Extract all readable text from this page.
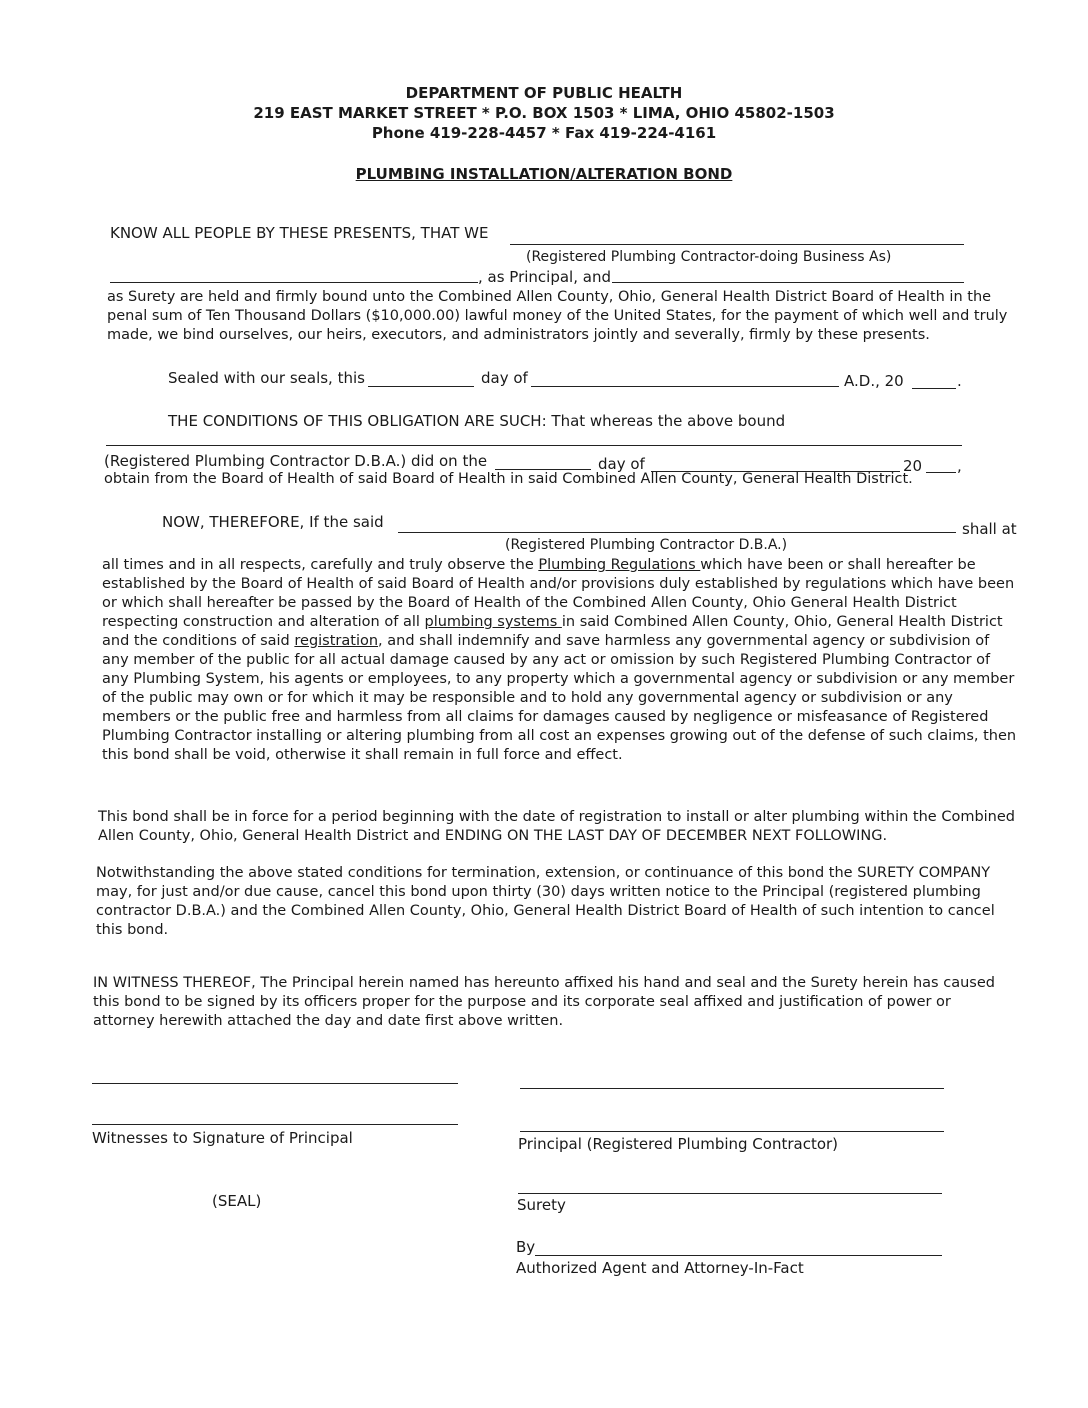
DEPARTMENT OF PUBLIC HEALTH
219 EAST MARKET STREET * P.O. BOX 1503 * LIMA, OHIO 45802-1503
Phone 419-228-4457 * Fax 419-224-4161
PLUMBING INSTALLATION/ALTERATION BOND
KNOW ALL PEOPLE BY THESE PRESENTS, THAT WE
(Registered Plumbing Contractor-doing Business As)
, as Principal, and
as Surety are held and firmly bound unto the Combined Allen County, Ohio, General Health District Board of Health in the penal sum of Ten Thousand Dollars ($10,000.00) lawful money of the United States, for the payment of which well and truly made, we bind ourselves, our heirs, executors, and administrators jointly and severally, firmly by these presents.
Sealed with our seals, this	day of	A.D., 20	.
THE CONDITIONS OF THIS OBLIGATION ARE SUCH: That whereas the above bound
(Registered Plumbing Contractor D.B.A.) did on the	day of	20 ,
obtain from the Board of Health of said Board of Health in said Combined Allen County, General Health District.
NOW, THEREFORE, If the said	shall at
(Registered Plumbing Contractor D.B.A.)
all times and in all respects, carefully and truly observe the Plumbing Regulations which have been or shall hereafter be established by the Board of Health of said Board of Health and/or provisions duly established by regulations which have been or which shall hereafter be passed by the Board of Health of the Combined Allen County, Ohio General Health District respecting construction and alteration of all plumbing systems in said Combined Allen County, Ohio, General Health District and the conditions of said registration, and shall indemnify and save harmless any governmental agency or subdivision of any member of the public for all actual damage caused by any act or omission by such Registered Plumbing Contractor of any Plumbing System, his agents or employees, to any property which a governmental agency or subdivision or any member of the public may own or for which it may be responsible and to hold any governmental agency or subdivision or any members or the public free and harmless from all claims for damages caused by negligence or misfeasance of Registered Plumbing Contractor installing or altering plumbing from all cost an expenses growing out of the defense of such claims, then this bond shall be void, otherwise it shall remain in full force and effect.
This bond shall be in force for a period beginning with the date of registration to install or alter plumbing within the Combined Allen County, Ohio, General Health District and ENDING ON THE LAST DAY OF DECEMBER NEXT FOLLOWING.
Notwithstanding the above stated conditions for termination, extension, or continuance of this bond the SURETY COMPANY may, for just and/or due cause, cancel this bond upon thirty (30) days written notice to the Principal (registered plumbing contractor D.B.A.) and the Combined Allen County, Ohio, General Health District Board of Health of such intention to cancel this bond.
IN WITNESS THEREOF, The Principal herein named has hereunto affixed his hand and seal and the Surety herein has caused this bond to be signed by its officers proper for the purpose and its corporate seal affixed and justification of power or attorney herewith attached the day and date first above written.
Witnesses to Signature of Principal	Principal (Registered Plumbing Contractor)
(SEAL)	Surety
By
Authorized Agent and Attorney-In-Fact
